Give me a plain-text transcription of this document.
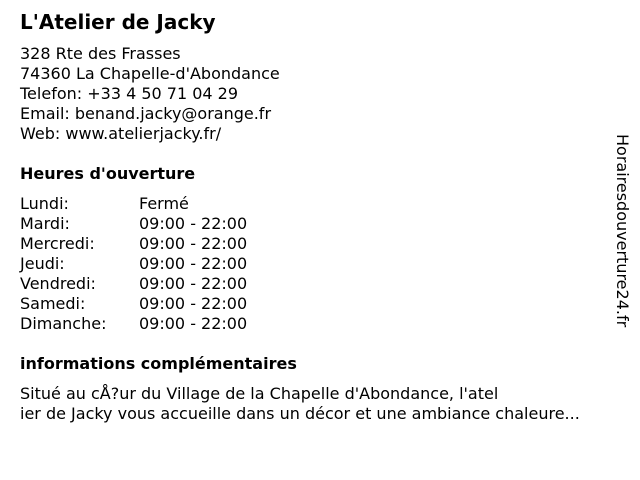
L'Atelier de Jacky
328 Rte des Frasses
74360 La Chapelle-d'Abondance
Telefon: +33 4 50 71 04 29
Email: benand.jacky@orange.fr
Web: www.atelierjacky.fr/
Heures d'ouverture
Lundi:	Fermé
Mardi:	09:00 - 22:00
Mercredi:	09:00 - 22:00
Jeudi:	09:00 - 22:00
Vendredi:	09:00 - 22:00
Samedi:	09:00 - 22:00
Dimanche: 09:00 - 22:00
informations complémentaires
Situé au cÅ?ur du Village de la Chapelle d'Abondance, l'atel
ier de Jacky vous accueille dans un décor et une ambiance chaleure...
Horairesdouverture24.fr
